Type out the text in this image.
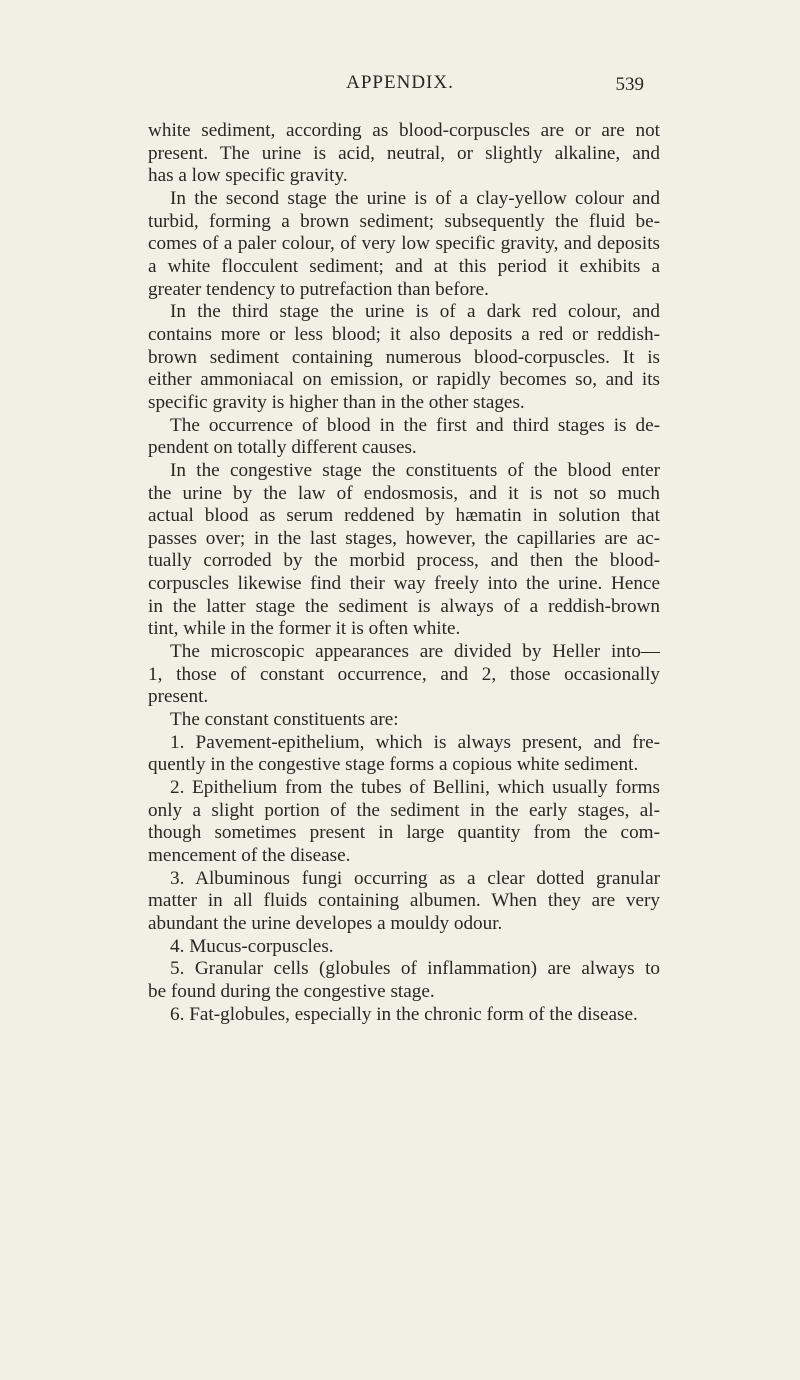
APPENDIX.	539
white sediment, according as blood-corpuscles are or are not
present. The urine is acid, neutral, or slightly alkaline, and
has a low specific gravity.
In the second stage the urine is of a clay-yellow colour and
turbid, forming a brown sediment; subsequently the fluid be-
comes of a paler colour, of very low specific gravity, and deposits
a white flocculent sediment; and at this period it exhibits a
greater tendency to putrefaction than before.
In the third stage the urine is of a dark red colour, and
contains more or less blood; it also deposits a red or reddish-
brown sediment containing numerous blood-corpuscles. It is
either ammoniacal on emission, or rapidly becomes so, and its
specific gravity is higher than in the other stages.
The occurrence of blood in the first and third stages is de-
pendent on totally different causes.
In the congestive stage the constituents of the blood enter
the urine by the law of endosmosis, and it is not so much
actual blood as serum reddened by hæmatin in solution that
passes over; in the last stages, however, the capillaries are ac-
tually corroded by the morbid process, and then the blood-
corpuscles likewise find their way freely into the urine. Hence
in the latter stage the sediment is always of a reddish-brown
tint, while in the former it is often white.
The microscopic appearances are divided by Heller into—
1, those of constant occurrence, and 2, those occasionally
present.
The constant constituents are:
1. Pavement-epithelium, which is always present, and fre-
quently in the congestive stage forms a copious white sediment.
2. Epithelium from the tubes of Bellini, which usually forms
only a slight portion of the sediment in the early stages, al-
though sometimes present in large quantity from the com-
mencement of the disease.
3. Albuminous fungi occurring as a clear dotted granular
matter in all fluids containing albumen. When they are very
abundant the urine developes a mouldy odour.
4. Mucus-corpuscles.
5. Granular cells (globules of inflammation) are always to
be found during the congestive stage.
6. Fat-globules, especially in the chronic form of the disease.
